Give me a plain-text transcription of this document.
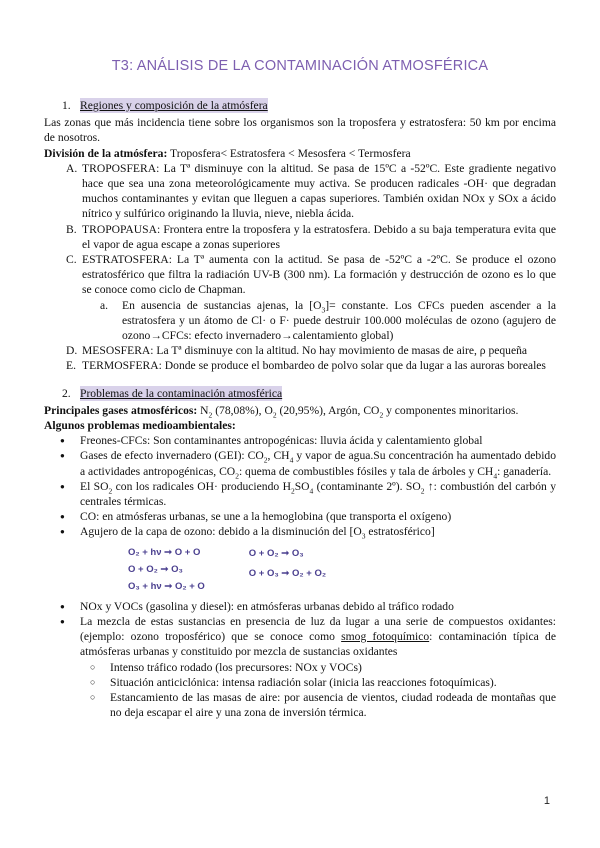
T3: ANÁLISIS DE LA CONTAMINACIÓN ATMOSFÉRICA
1. Regiones y composición de la atmósfera

Las zonas que más incidencia tiene sobre los organismos son la troposfera y estratosfera: 50 km por encima de nosotros.

División de la atmósfera: Troposfera< Estratosfera < Mesosfera < Termosfera

A. TROPOSFERA: La Tª disminuye con la altitud. Se pasa de 15ºC a -52ºC. Este gradiente negativo hace que sea una zona meteorológicamente muy activa. Se producen radicales -OH· que degradan muchos contaminantes y evitan que lleguen a capas superiores. También oxidan NOx y SOx a ácido nítrico y sulfúrico originando la lluvia, nieve, niebla ácida.
B. TROPOPAUSA: Frontera entre la troposfera y la estratosfera. Debido a su baja temperatura evita que el vapor de agua escape a zonas superiores
C. ESTRATOSFERA: La Tª aumenta con la actitud. Se pasa de -52ºC a -2ºC. Se produce el ozono estratosférico que filtra la radiación UV-B (300 nm). La formación y destrucción de ozono es lo que se conoce como ciclo de Chapman.
a.	En ausencia de sustancias ajenas, la $[O_3]=$ constante. Los CFCs pueden ascender a la estratosfera y un átomo de Cl· o F· puede destruir 100.000 moléculas de ozono (agujero de ozono→CFCs: efecto invernadero→calentamiento global)
D. MESOSFERA: La Tª disminuye con la altitud. No hay movimiento de masas de aire, ρ pequeña
E. TERMOSFERA: Donde se produce el bombardeo de polvo solar que da lugar a las auroras boreales
2. Problemas de la contaminación atmosférica

Principales gases atmosféricos: $N_2$ (78,08%), $O_2$ (20,95%), Argón, $CO_2$ y componentes minoritarios.

Algunos problemas medioambientales:

●	Freones-CFCs: Son contaminantes antropogénicas: lluvia ácida y calentamiento global
●	Gases de efecto invernadero (GEI): $CO_2$, $CH_4$ y vapor de agua.Su concentración ha aumentado debido a actividades antropogénicas, $CO_2$: quema de combustibles fósiles y tala de árboles y $CH_4$: ganadería.
●	El $SO_2$ con los radicales OH· produciendo $H_2SO_4$ (contaminante 2º). $SO_2$ ↑: combustión del carbón y centrales térmicas.
●	CO: en atmósferas urbanas, se une a la hemoglobina (que transporta el oxígeno)
●	Agujero de la capa de ozono: debido a la disminución del [$O_3$ estratosférico]
O₂ + hν ➞ O + O
O + O₂ ➞ O₃
O₃ + hν ➞ O₂ + O
O + O₂ ➞ O₃
O + O₃ ➞ O₂ + O₂
●	NOx y VOCs (gasolina y diesel): en atmósferas urbanas debido al tráfico rodado
●	La mezcla de estas sustancias en presencia de luz da lugar a una serie de compuestos oxidantes: (ejemplo: ozono troposférico) que se conoce como smog fotoquímico: contaminación típica de atmósferas urbanas y constituido por mezcla de sustancias oxidantes
○	Intenso tráfico rodado (los precursores: NOx y VOCs)
○	Situación anticiclónica: intensa radiación solar (inicia las reacciones fotoquímicas).
○	Estancamiento de las masas de aire: por ausencia de vientos, ciudad rodeada de montañas que no deja escapar el aire y una zona de inversión térmica.
1
